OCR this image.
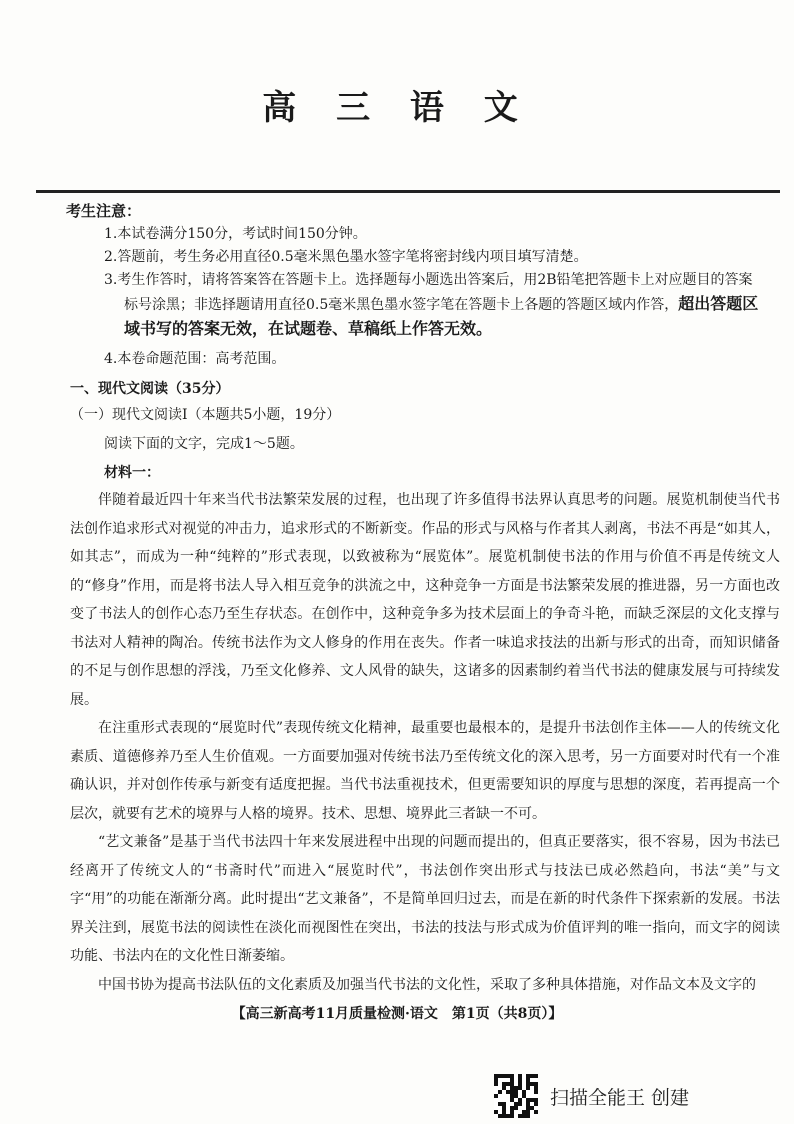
高 三 语 文
考生注意：
1.本试卷满分150分，考试时间150分钟。
2.答题前，考生务必用直径0.5毫米黑色墨水签字笔将密封线内项目填写清楚。
3.考生作答时，请将答案答在答题卡上。选择题每小题选出答案后，用2B铅笔把答题卡上对应题目的答案
标号涂黑；非选择题请用直径0.5毫米黑色墨水签字笔在答题卡上各题的答题区域内作答，超出答题区
域书写的答案无效，在试题卷、草稿纸上作答无效。
4.本卷命题范围：高考范围。
一、现代文阅读（35分）
（一）现代文阅读Ⅰ（本题共5小题，19分）
阅读下面的文字，完成1～5题。
材料一：

伴随着最近四十年来当代书法繁荣发展的过程，也出现了许多值得书法界认真思考的问题。展览机制使当代书法创作追求形式对视觉的冲击力，追求形式的不断新变。作品的形式与风格与作者其人剥离，书法不再是“如其人，如其志”，而成为一种“纯粹的”形式表现，以致被称为“展览体”。展览机制使书法的作用与价值不再是传统文人的“修身”作用，而是将书法人导入相互竞争的洪流之中，这种竞争一方面是书法繁荣发展的推进器，另一方面也改变了书法人的创作心态乃至生存状态。在创作中，这种竞争多为技术层面上的争奇斗艳，而缺乏深层的文化支撑与书法对人精神的陶冶。传统书法作为文人修身的作用在丧失。作者一味追求技法的出新与形式的出奇，而知识储备的不足与创作思想的浮浅，乃至文化修养、文人风骨的缺失，这诸多的因素制约着当代书法的健康发展与可持续发展。

在注重形式表现的“展览时代”表现传统文化精神，最重要也最根本的，是提升书法创作主体——人的传统文化素质、道德修养乃至人生价值观。一方面要加强对传统书法乃至传统文化的深入思考，另一方面要对时代有一个准确认识，并对创作传承与新变有适度把握。当代书法重视技术，但更需要知识的厚度与思想的深度，若再提高一个层次，就要有艺术的境界与人格的境界。技术、思想、境界此三者缺一不可。

“艺文兼备”是基于当代书法四十年来发展进程中出现的问题而提出的，但真正要落实，很不容易，因为书法已经离开了传统文人的“书斋时代”而进入“展览时代”，书法创作突出形式与技法已成必然趋向，书法“美”与文字“用”的功能在渐渐分离。此时提出“艺文兼备”，不是简单回归过去，而是在新的时代条件下探索新的发展。书法界关注到，展览书法的阅读性在淡化而视图性在突出，书法的技法与形式成为价值评判的唯一指向，而文字的阅读功能、书法内在的文化性日渐萎缩。

中国书协为提高书法队伍的文化素质及加强当代书法的文化性，采取了多种具体措施，对作品文本及文字的

【高三新高考11月质量检测·语文　第1页（共8页）】
扫描全能王 创建
